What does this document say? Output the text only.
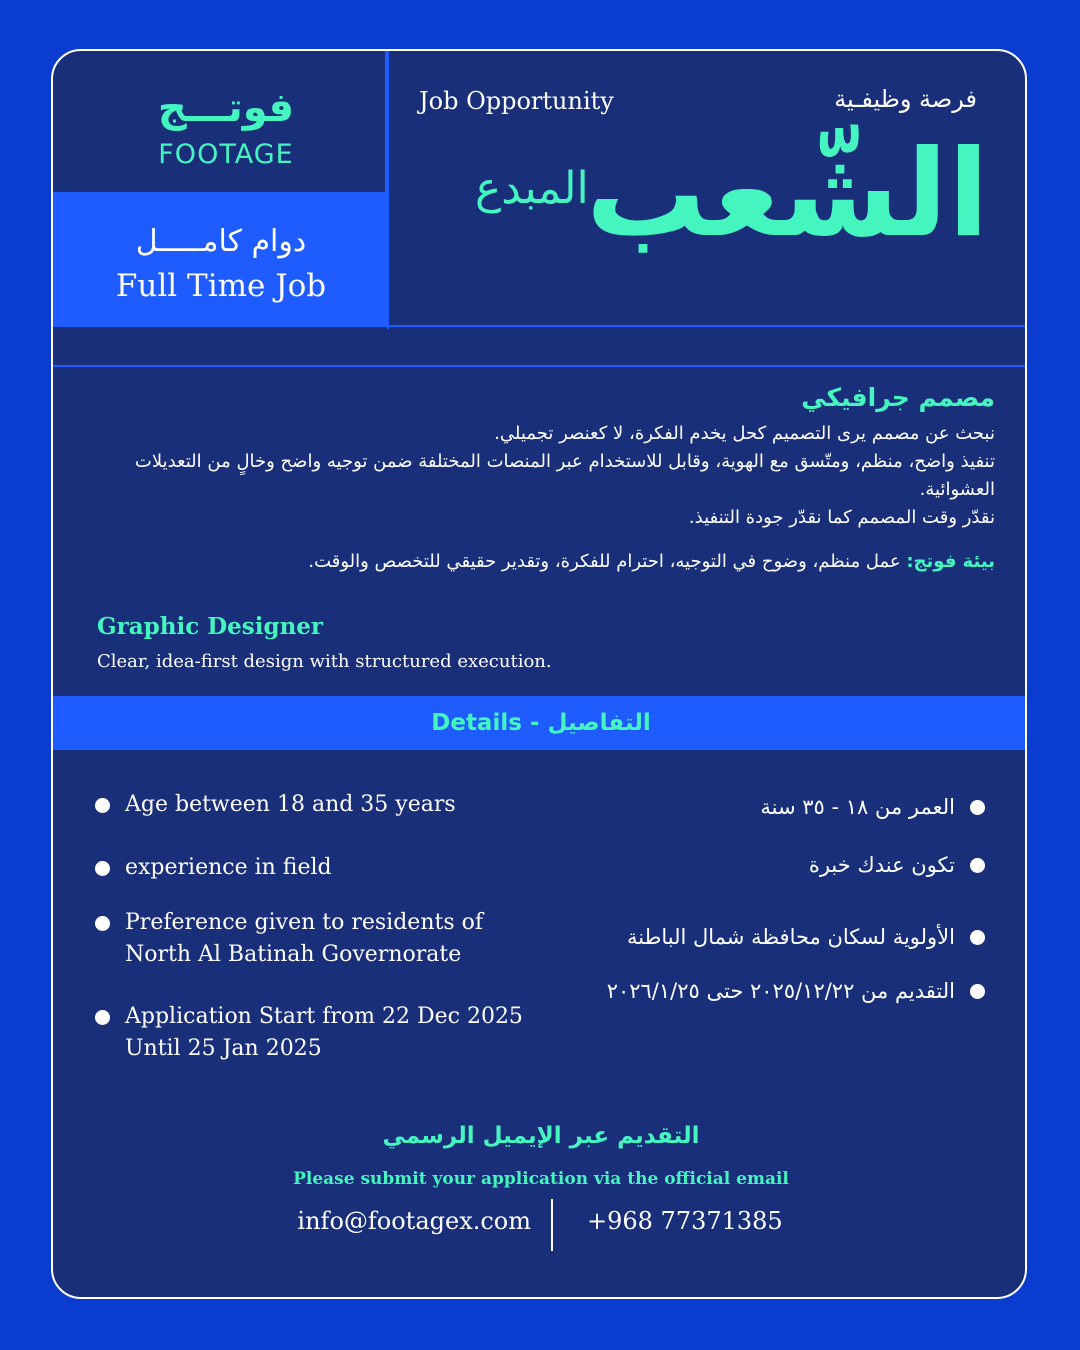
فوتـــج
FOOTAGE
دوام كامـــــل
Full Time Job
Job Opportunity	فرصة وظيفـية
الشّعب
المبدع

مصمم جرافيكي

نبحث عن مصمم يرى التصميم كحل يخدم الفكرة، لا كعنصر تجميلي.

تنفيذ واضح، منظم، ومتّسق مع الهوية، وقابل للاستخدام عبر المنصات المختلفة ضمن توجيه واضح وخالٍ من التعديلات العشوائية.

نقدّر وقت المصمم كما نقدّر جودة التنفيذ.

بيئة فوتج: عمل منظم، وضوح في التوجيه، احترام للفكرة، وتقدير حقيقي للتخصص والوقت.
Graphic Designer
Clear, idea-first design with structured execution.
Details - التفاصيل
Age between 18 and 35 years
experience in field
Preference given to residents of North Al Batinah Governorate
Application Start from 22 Dec 2025 Until 25 Jan 2025
العمر من ١٨ - ٣٥ سنة
تكون عندك خبرة
الأولوية لسكان محافظة شمال الباطنة
التقديم من ٢٠٢٥/١٢/٢٢ حتى ٢٠٢٦/١/٢٥
التقديم عبر الإيميل الرسمي
Please submit your application via the official email
info@footagex.com +968 77371385
